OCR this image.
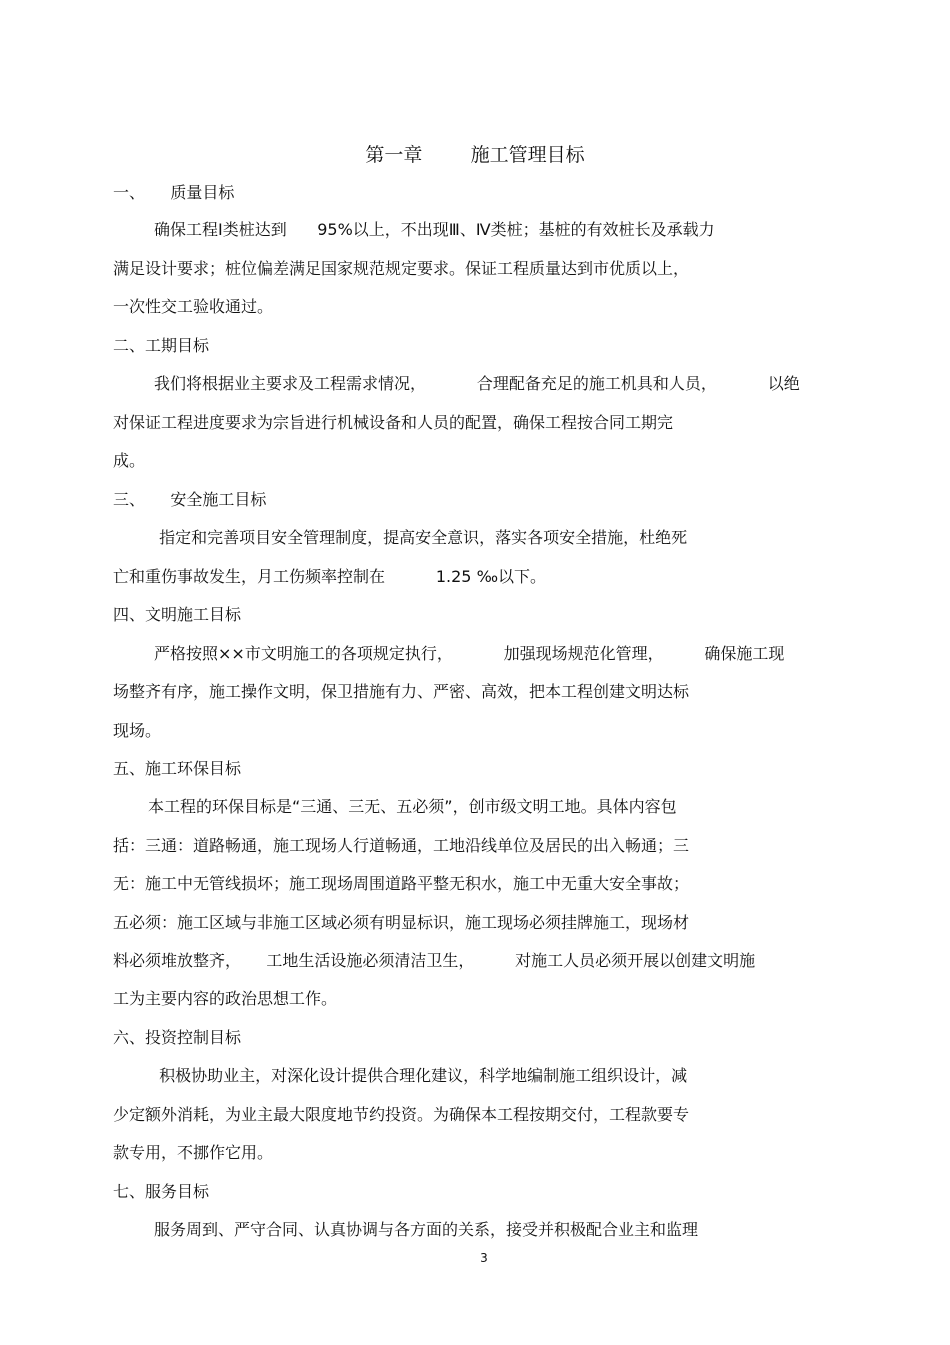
第一章        施工管理目标
一、     质量目标
确保工程Ⅰ类桩达到      95%以上，不出现Ⅲ、Ⅳ类桩；基桩的有效桩长及承载力
满足设计要求；桩位偏差满足国家规范规定要求。保证工程质量达到市优质以上，
一次性交工验收通过。
二、工期目标
我们将根据业主要求及工程需求情况，          合理配备充足的施工机具和人员，          以绝
对保证工程进度要求为宗旨进行机械设备和人员的配置，确保工程按合同工期完
成。
三、     安全施工目标
指定和完善项目安全管理制度，提高安全意识，落实各项安全措施，杜绝死
亡和重伤事故发生，月工伤频率控制在          1.25 ‰以下。
四、文明施工目标
严格按照××市文明施工的各项规定执行，          加强现场规范化管理，        确保施工现
场整齐有序，施工操作文明，保卫措施有力、严密、高效，把本工程创建文明达标
现场。
五、施工环保目标
本工程的环保目标是“三通、三无、五必须”，创市级文明工地。具体内容包
括：三通：道路畅通，施工现场人行道畅通，工地沿线单位及居民的出入畅通；三
无：施工中无管线损坏；施工现场周围道路平整无积水，施工中无重大安全事故；
五必须：施工区域与非施工区域必须有明显标识，施工现场必须挂牌施工，现场材
料必须堆放整齐，     工地生活设施必须清洁卫生，        对施工人员必须开展以创建文明施
工为主要内容的政治思想工作。
六、投资控制目标
积极协助业主，对深化设计提供合理化建议，科学地编制施工组织设计，减
少定额外消耗，为业主最大限度地节约投资。为确保本工程按期交付，工程款要专
款专用，不挪作它用。
七、服务目标
服务周到、严守合同、认真协调与各方面的关系，接受并积极配合业主和监理
3
